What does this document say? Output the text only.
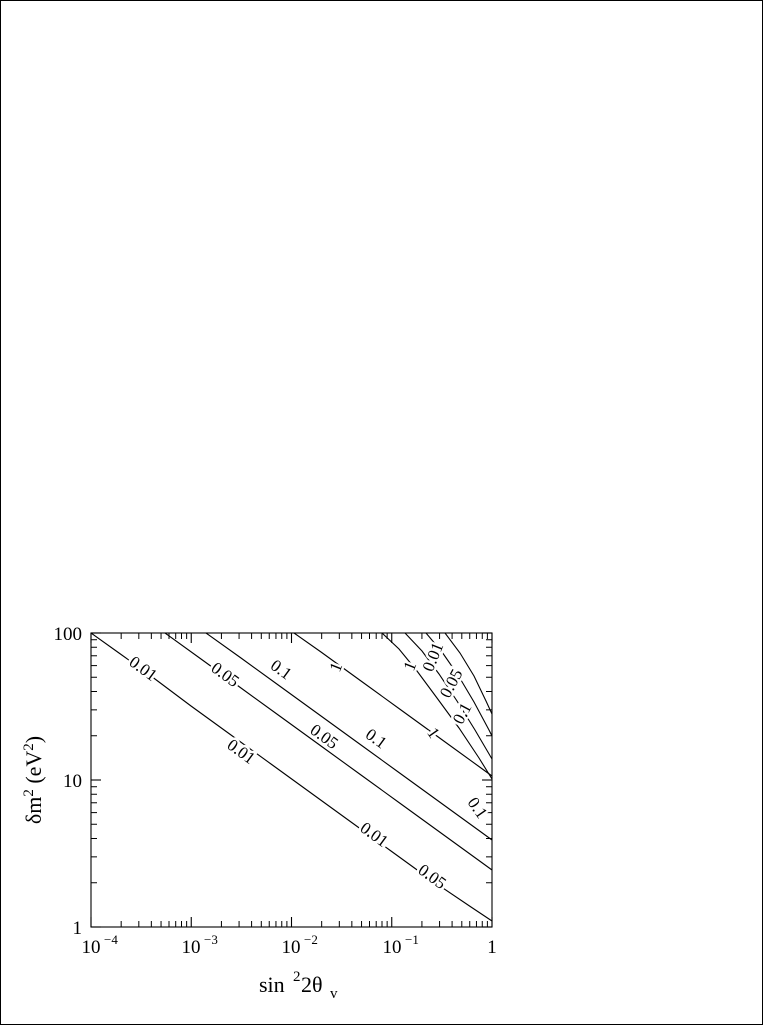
0.01	0.05 0.1 1	1
0.01
0.05
0.1
0.01	0.05 0.1 1
0.01
0.05
0.1
10 −4	10 −3	10 −2	10 −1	1
1
10
100
sin 2 2θ v
$\delta m^2$ $(eV^2)$
